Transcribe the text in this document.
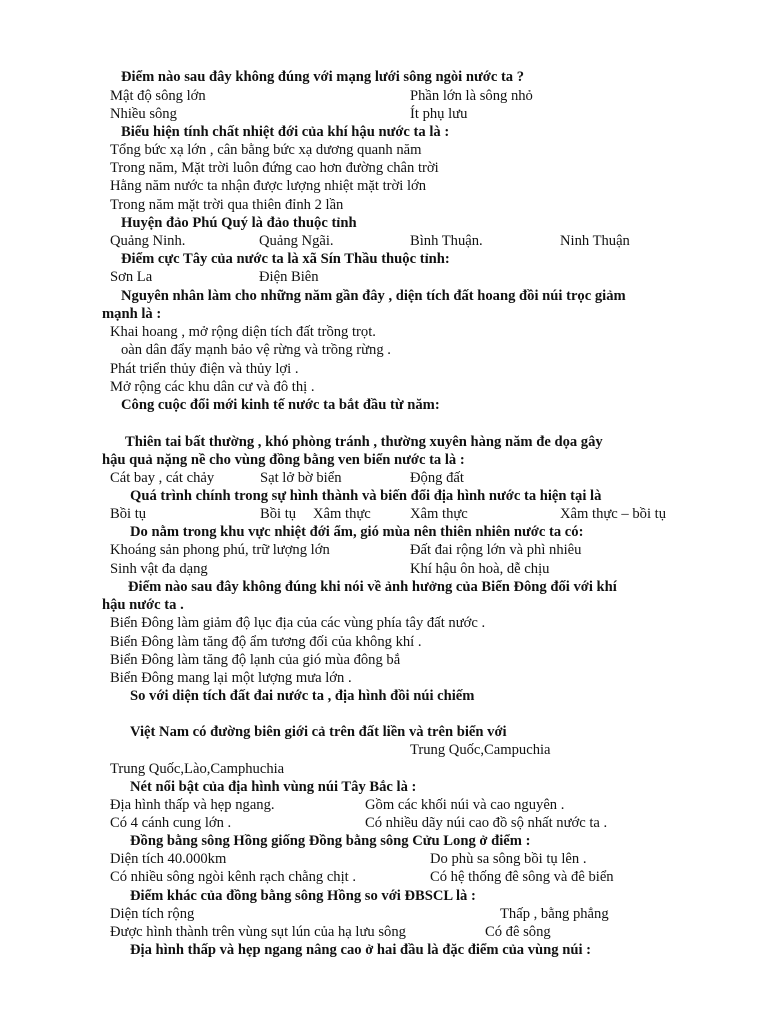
Điểm nào sau đây không đúng với mạng lưới sông ngòi nước ta ?
Mật độ sông lớn	Phần lớn là sông nhỏ
Nhiều sông	Ít phụ lưu
Biểu hiện tính chất nhiệt đới của khí hậu nước ta là :
Tổng bức xạ lớn , cân bằng bức xạ dương quanh năm
Trong năm, Mặt trời luôn đứng cao hơn đường chân trời
Hằng năm nước ta nhận được lượng nhiệt mặt trời lớn
Trong năm mặt trời qua thiên đỉnh 2 lần
Huyện đảo Phú Quý là đảo thuộc tỉnh
Quảng Ninh.	Quảng Ngãi.	Bình Thuận.	Ninh Thuận
Điểm cực Tây của nước ta là xã Sín Thầu thuộc tỉnh:
Sơn La	Điện Biên
Nguyên nhân làm cho những năm gần đây , diện tích đất hoang đồi núi trọc giảm
mạnh là :
Khai hoang , mở rộng diện tích đất trồng trọt.
oàn dân đẩy mạnh bảo vệ rừng và trồng rừng .
Phát triển thủy điện và thủy lợi .
Mở rộng các khu dân cư và đô thị .
Công cuộc đổi mới kinh tế nước ta bắt đầu từ năm:
Thiên tai bất thường , khó phòng tránh , thường xuyên hàng năm đe dọa gây
hậu quả nặng nề cho vùng đồng bằng ven biển nước ta là :
Cát bay , cát chảy	Sạt lở bờ biển	Động đất
Quá trình chính trong sự hình thành và biến đổi địa hình nước ta hiện tại là
Bồi tụ	Bồi tụ Xâm thực	Xâm thực	Xâm thực – bồi tụ
Do nằm trong khu vực nhiệt đới ẩm, gió mùa nên thiên nhiên nước ta có:
Khoáng sản phong phú, trữ lượng lớn	Đất đai rộng lớn và phì nhiêu
Sinh vật đa dạng	Khí hậu ôn hoà, dễ chịu
Điểm nào sau đây không đúng khi nói về ảnh hưởng của Biển Đông đối với khí
hậu nước ta .
Biển Đông làm giảm độ lục địa của các vùng phía tây đất nước .
Biển Đông làm tăng độ ẩm tương đối của không khí .
Biển Đông làm tăng độ lạnh của gió mùa đông bắ
Biển Đông mang lại một lượng mưa lớn .
So với diện tích đất đai nước ta , địa hình đồi núi chiếm
Việt Nam có đường biên giới cả trên đất liền và trên biển với
Trung Quốc,Campuchia
Trung Quốc,Lào,Camphuchia
Nét nổi bật của địa hình vùng núi Tây Bắc là :
Địa hình thấp và hẹp ngang.	Gồm các khối núi và cao nguyên .
Có 4 cánh cung lớn .	Có nhiều dãy núi cao đồ sộ nhất nước ta .
Đồng bằng sông Hồng giống Đồng bằng sông Cửu Long ở điểm :
Diện tích 40.000km	Do phù sa sông bồi tụ lên .
Có nhiều sông ngòi kênh rạch chằng chịt .	Có hệ thống đê sông và đê biển
Điểm khác của đồng bằng sông Hồng so với ĐBSCL là :
Diện tích rộng	Thấp , bằng phẳng
Được hình thành trên vùng sụt lún của hạ lưu sông	Có đê sông
Địa hình thấp và hẹp ngang nâng cao ở hai đầu là đặc điểm của vùng núi :
